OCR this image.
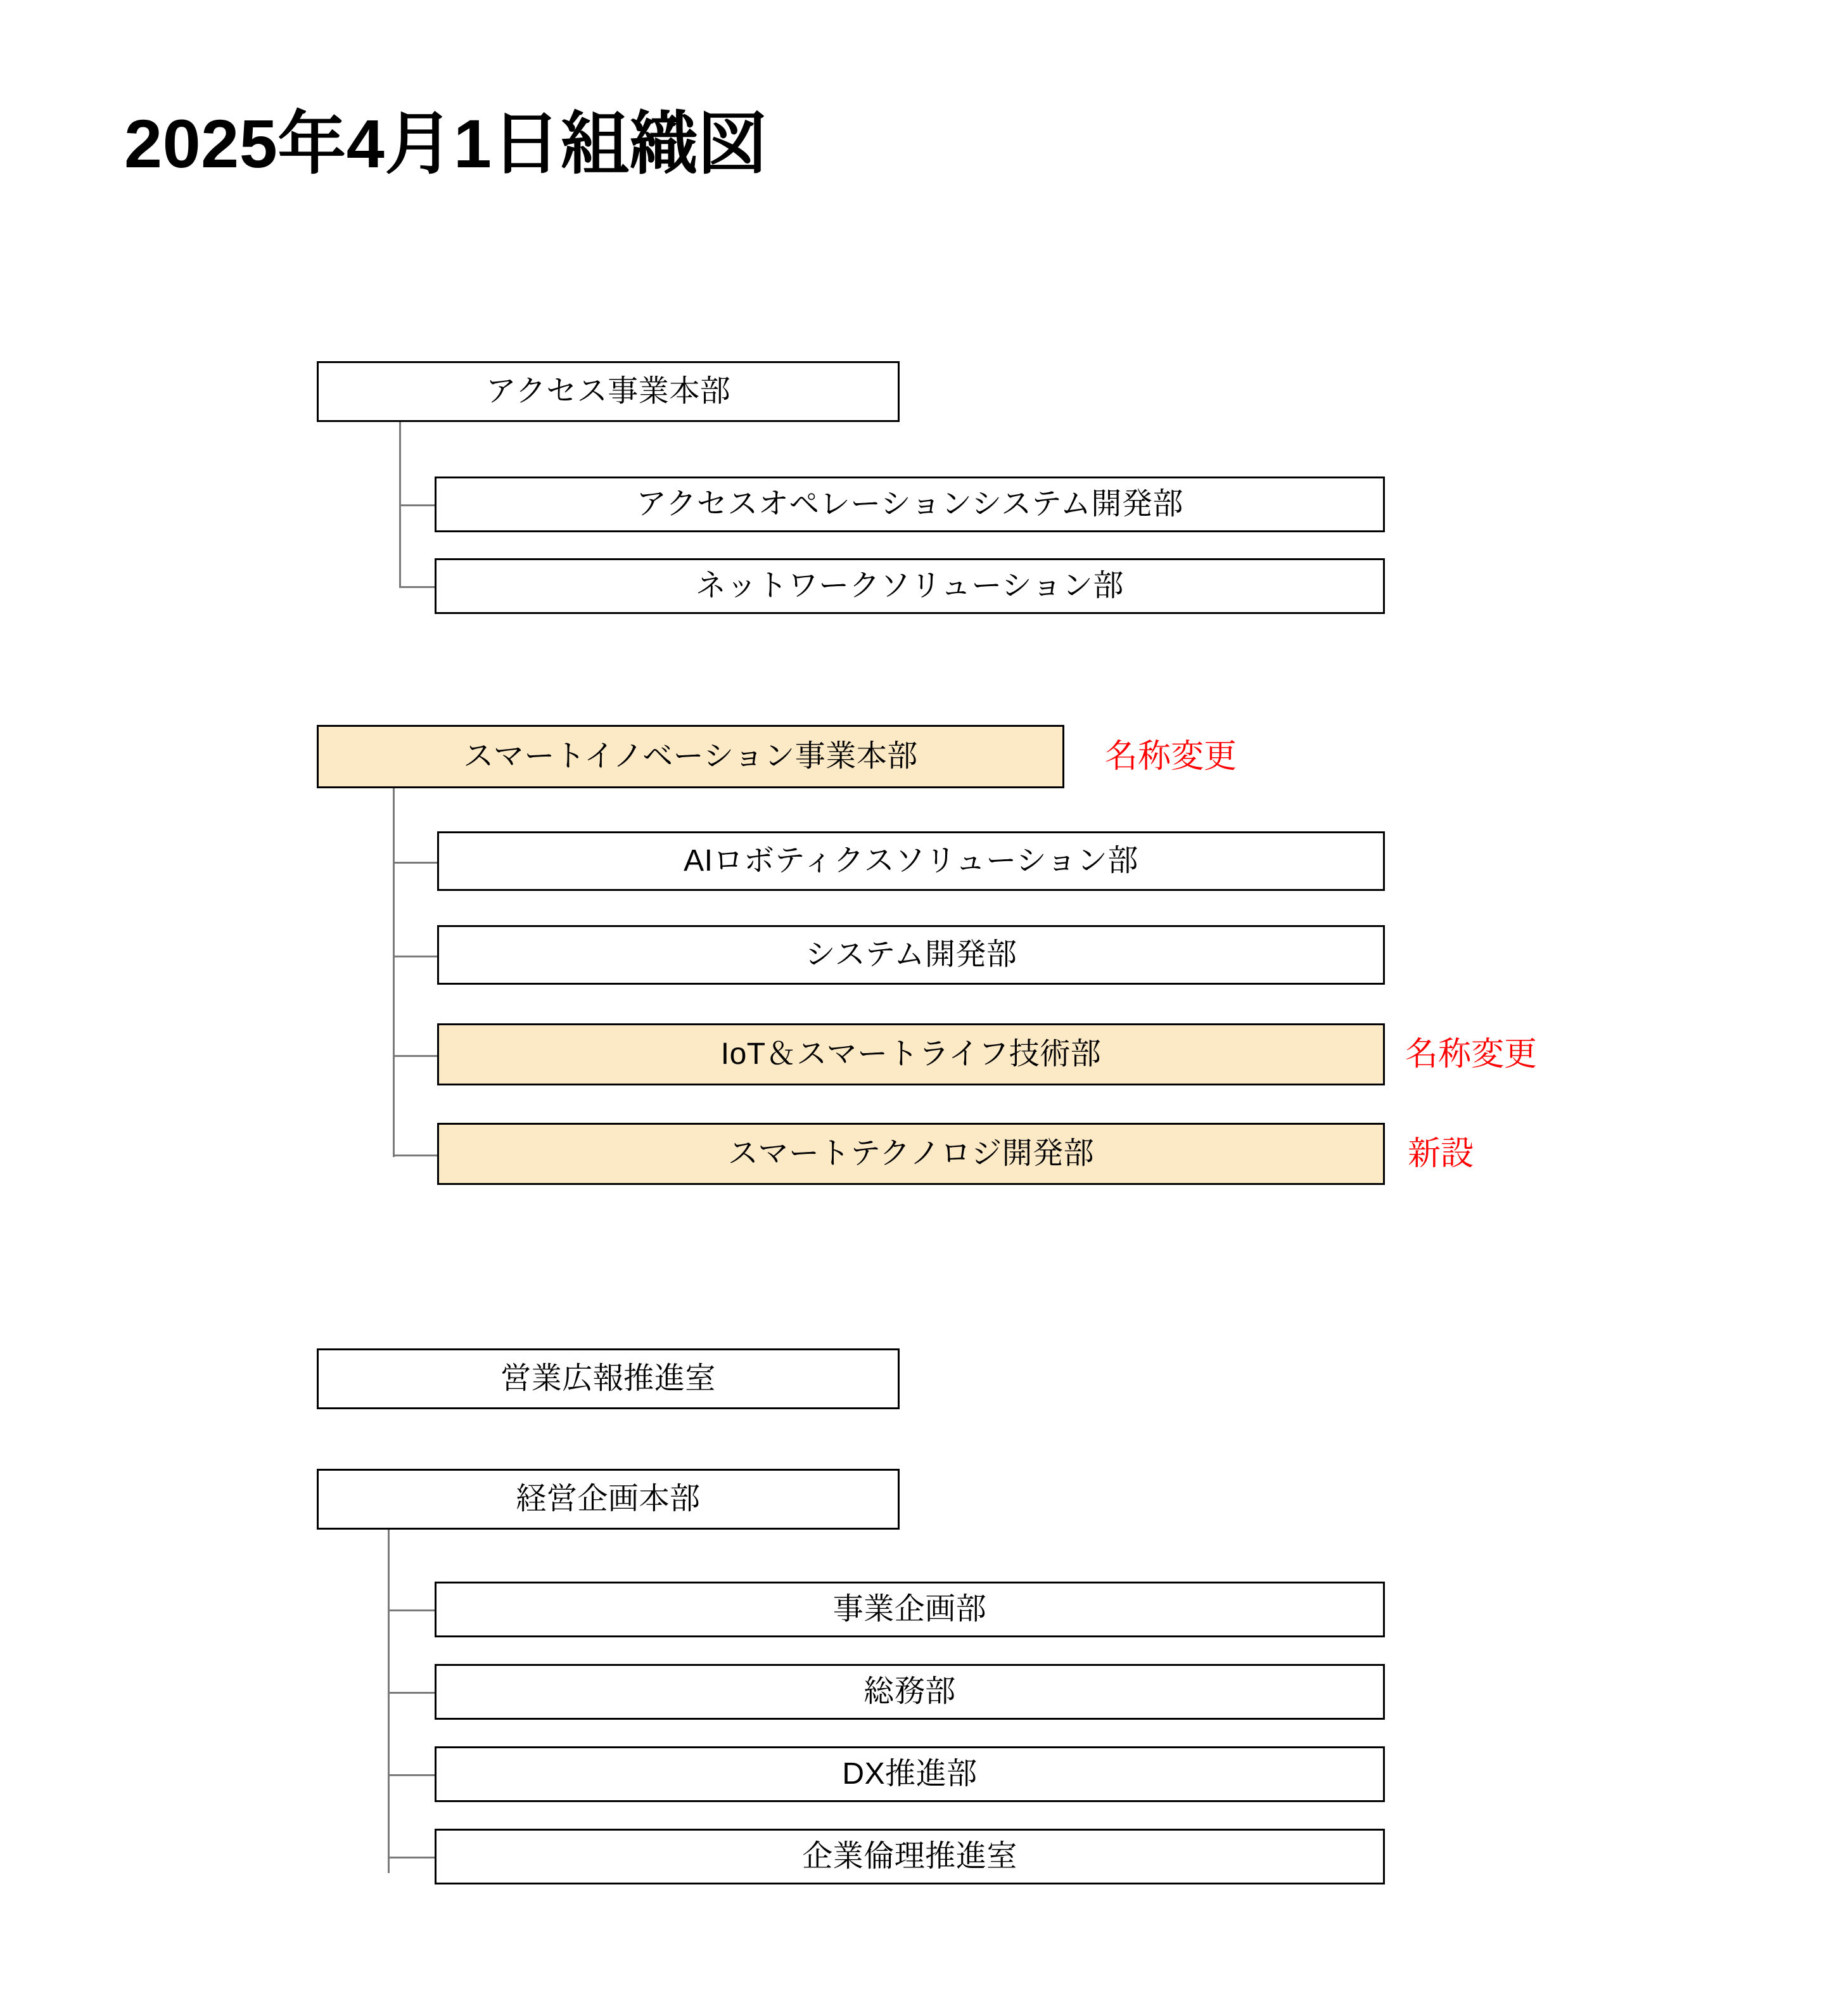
2025年4月1日組織図
アクセス事業本部
アクセスオペレーションシステム開発部
ネットワークソリューション部
スマートイノベーション事業本部	名称変更
AIロボティクスソリューション部
システム開発部
IoT＆スマートライフ技術部	名称変更
スマートテクノロジ開発部	新設
営業広報推進室
経営企画本部
事業企画部
総務部
DX推進部
企業倫理推進室
